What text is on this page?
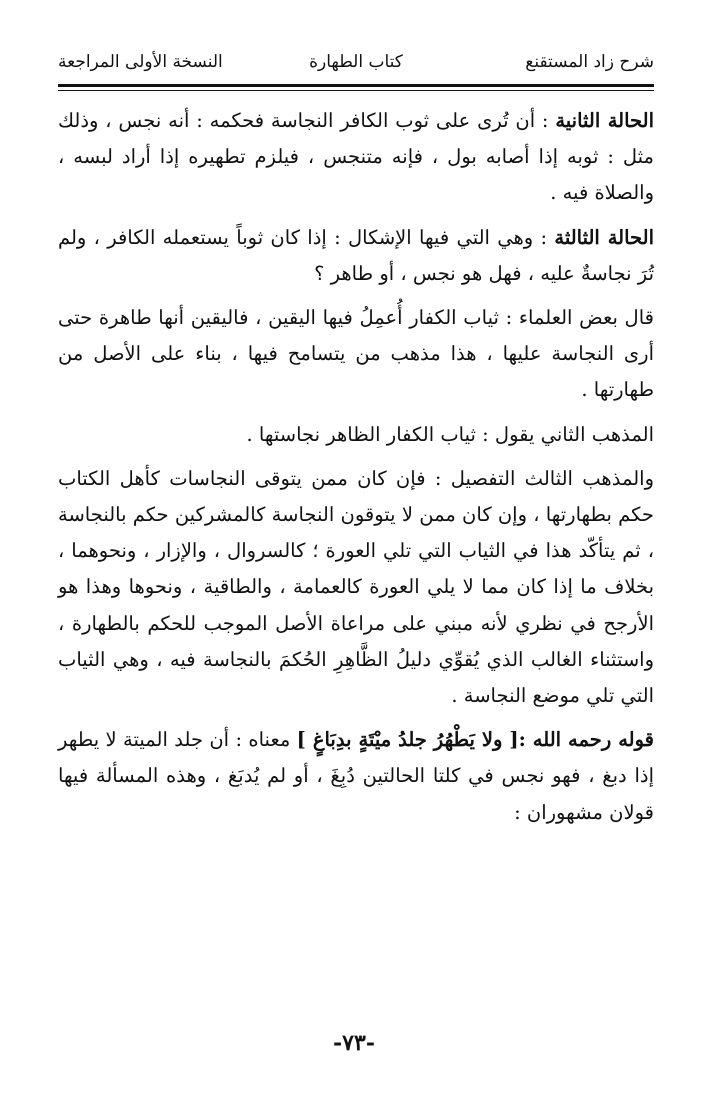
شرح زاد المستقنع
كتاب الطهارة
النسخة الأولى المراجعة

الحالة الثانية : أن تُرى على ثوب الكافر النجاسة فحكمه : أنه نجس ، وذلك مثل : ثوبه إذا أصابه بول ، فإنه متنجس ، فيلزم تطهيره إذا أراد لبسه ، والصلاة فيه .

الحالة الثالثة : وهي التي فيها الإشكال : إذا كان ثوباً يستعمله الكافر ، ولم تُرَ نجاسةٌ عليه ، فهل هو نجس ، أو طاهر ؟

قال بعض العلماء : ثياب الكفار أُعمِلُ فيها اليقين ، فاليقين أنها طاهرة حتى أرى النجاسة عليها ، هذا مذهب من يتسامح فيها ، بناء على الأصل من طهارتها .

المذهب الثاني يقول : ثياب الكفار الظاهر نجاستها .

والمذهب الثالث التفصيل : فإن كان ممن يتوقى النجاسات كأهل الكتاب حكم بطهارتها ، وإن كان ممن لا يتوقون النجاسة كالمشركين حكم بالنجاسة ، ثم يتأكّد هذا في الثياب التي تلي العورة ؛ كالسروال ، والإزار ، ونحوهما ، بخلاف ما إذا كان مما لا يلي العورة كالعمامة ، والطاقية ، ونحوها وهذا هو الأرجح في نظري لأنه مبني على مراعاة الأصل الموجب للحكم بالطهارة ، واستثناء الغالب الذي يُقوِّي دليلُ الظَّاهِرِ الحُكمَ بالنجاسة فيه ، وهي الثياب التي تلي موضع النجاسة .

قوله رحمه الله :[ ولا يَطْهُرُ جلدُ ميْتَةٍ بدِبَاغٍ ] معناه : أن جلد الميتة لا يطهر إذا دبغ ، فهو نجس في كلتا الحالتين دُبِغَ ، أو لم يُدبَغ ، وهذه المسألة فيها قولان مشهوران :

-٧٣-
